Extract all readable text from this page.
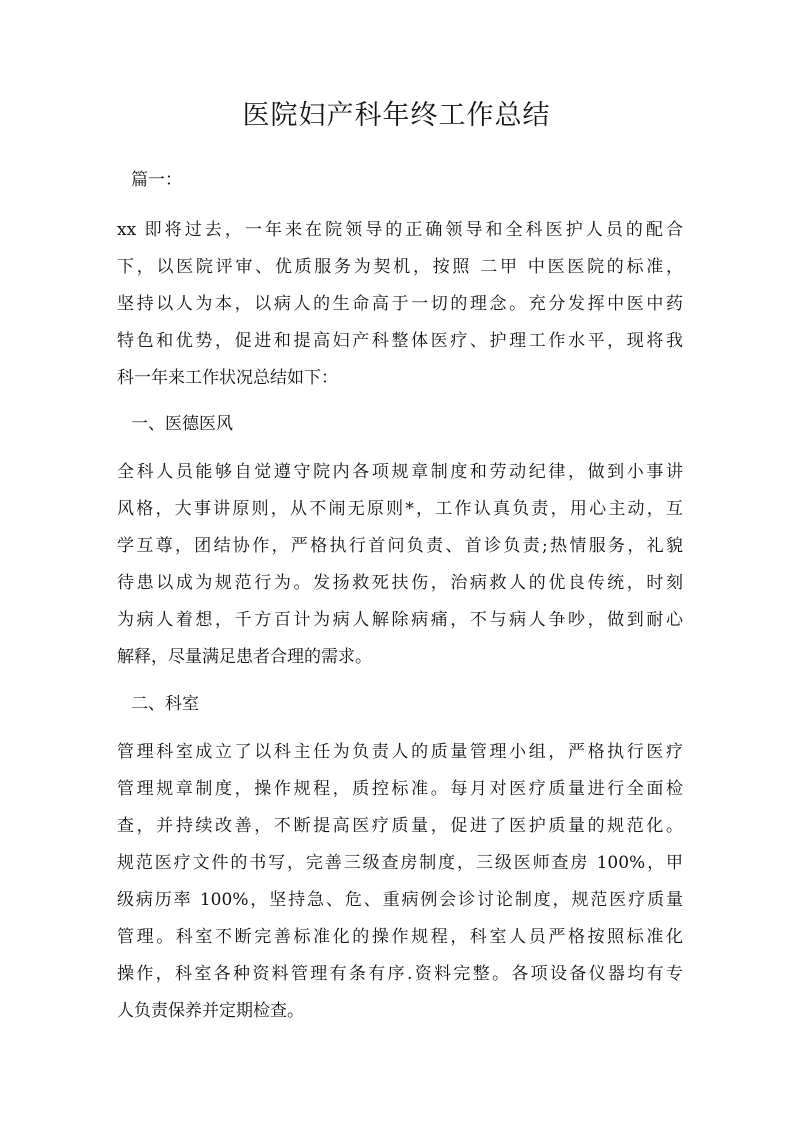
医院妇产科年终工作总结
篇一：
xx 即将过去，一年来在院领导的正确领导和全科医护人员的配合
下，以医院评审、优质服务为契机，按照 二甲 中医医院的标准，
坚持以人为本，以病人的生命高于一切的理念。充分发挥中医中药
特色和优势，促进和提高妇产科整体医疗、护理工作水平，现将我
科一年来工作状况总结如下：
一、医德医风
全科人员能够自觉遵守院内各项规章制度和劳动纪律，做到小事讲
风格，大事讲原则，从不闹无原则*，工作认真负责，用心主动，互
学互尊，团结协作，严格执行首问负责、首诊负责;热情服务，礼貌
待患以成为规范行为。发扬救死扶伤，治病救人的优良传统，时刻
为病人着想，千方百计为病人解除病痛，不与病人争吵，做到耐心
解释，尽量满足患者合理的需求。
二、科室
管理科室成立了以科主任为负责人的质量管理小组，严格执行医疗
管理规章制度，操作规程，质控标准。每月对医疗质量进行全面检
查，并持续改善，不断提高医疗质量，促进了医护质量的规范化。
规范医疗文件的书写，完善三级查房制度，三级医师查房 100%，甲
级病历率 100%，坚持急、危、重病例会诊讨论制度，规范医疗质量
管理。科室不断完善标准化的操作规程，科室人员严格按照标准化
操作，科室各种资料管理有条有序.资料完整。各项设备仪器均有专
人负责保养并定期检查。
